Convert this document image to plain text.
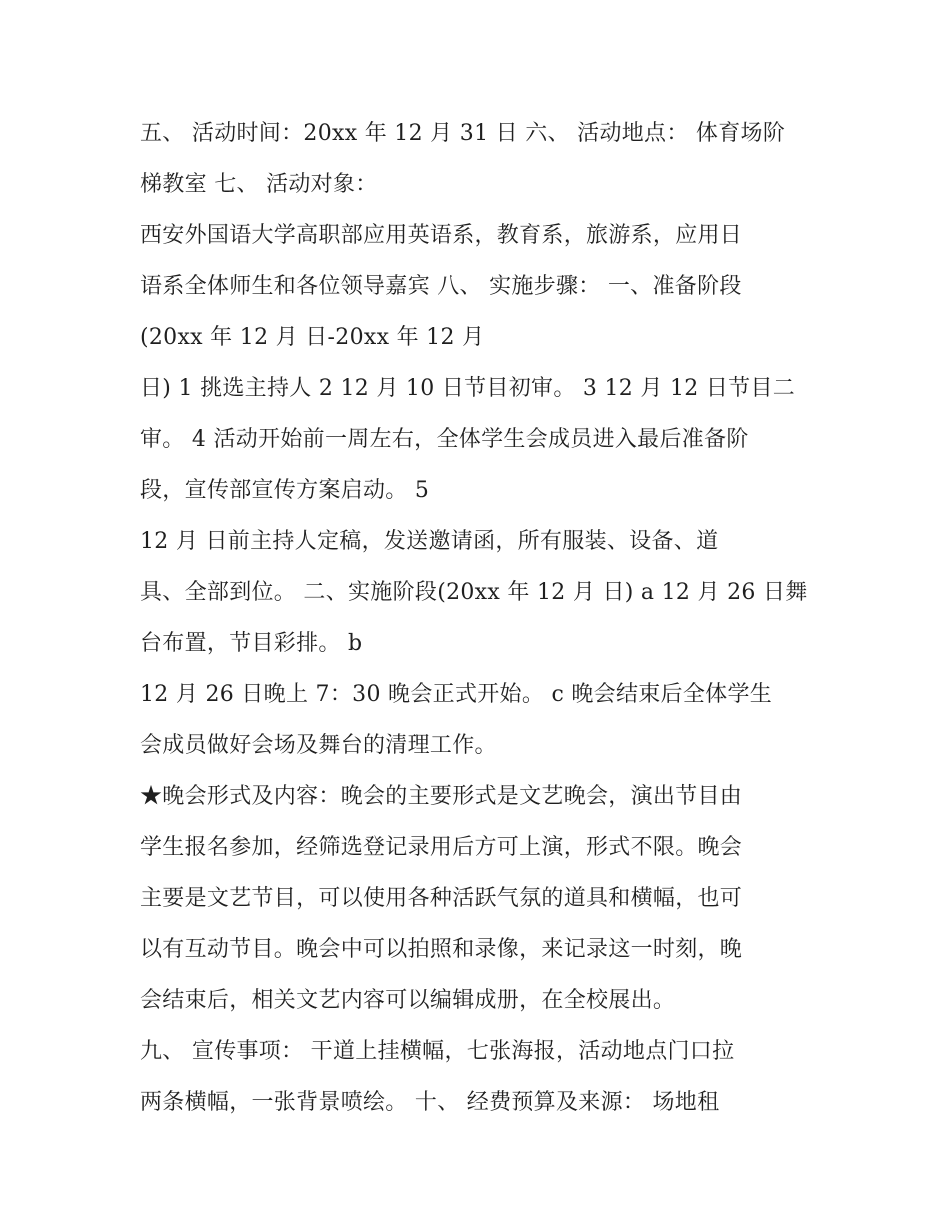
五、 活动时间：20xx 年 12 月 31 日 六、 活动地点： 体育场阶
梯教室 七、 活动对象：
西安外国语大学高职部应用英语系，教育系，旅游系，应用日
语系全体师生和各位领导嘉宾 八、 实施步骤： 一、准备阶段
(20xx 年 12 月 日-20xx 年 12 月
日) 1 挑选主持人 2 12 月 10 日节目初审。 3 12 月 12 日节目二
审。 4 活动开始前一周左右，全体学生会成员进入最后准备阶
段，宣传部宣传方案启动。 5
12 月 日前主持人定稿，发送邀请函，所有服装、设备、道
具、全部到位。 二、实施阶段(20xx 年 12 月 日) a 12 月 26 日舞
台布置，节目彩排。 b
12 月 26 日晚上 7：30 晚会正式开始。 c 晚会结束后全体学生
会成员做好会场及舞台的清理工作。
★晚会形式及内容：晚会的主要形式是文艺晚会，演出节目由
学生报名参加，经筛选登记录用后方可上演，形式不限。晚会
主要是文艺节目，可以使用各种活跃气氛的道具和横幅，也可
以有互动节目。晚会中可以拍照和录像，来记录这一时刻，晚
会结束后，相关文艺内容可以编辑成册，在全校展出。
九、 宣传事项： 干道上挂横幅，七张海报，活动地点门口拉
两条横幅，一张背景喷绘。 十、 经费预算及来源： 场地租
